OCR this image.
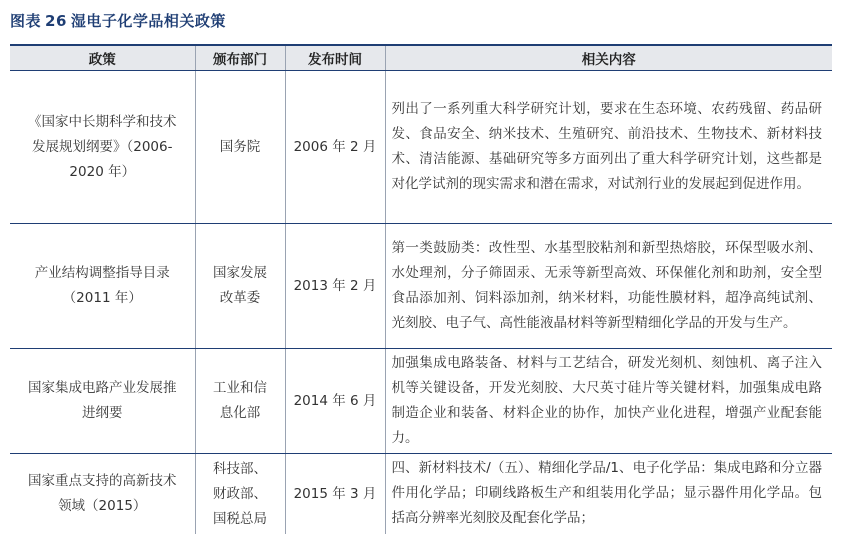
图表 26 湿电子化学品相关政策
政策	颁布部门	发布时间	相关内容
《国家中长期科学和技术发展规划纲要》（2006-2020 年）	国务院	2006 年 2 月	列出了一系列重大科学研究计划，要求在生态环境、农药残留、药品研发、食品安全、纳米技术、生殖研究、前沿技术、生物技术、新材料技术、清洁能源、基础研究等多方面列出了重大科学研究计划，这些都是对化学试剂的现实需求和潜在需求，对试剂行业的发展起到促进作用。
产业结构调整指导目录（2011 年）	国家发展改革委	2013 年 2 月	第一类鼓励类：改性型、水基型胶粘剂和新型热熔胶，环保型吸水剂、水处理剂，分子筛固汞、无汞等新型高效、环保催化剂和助剂，安全型食品添加剂、饲料添加剂，纳米材料，功能性膜材料，超净高纯试剂、光刻胶、电子气、高性能液晶材料等新型精细化学品的开发与生产。
国家集成电路产业发展推进纲要	工业和信息化部	2014 年 6 月	加强集成电路装备、材料与工艺结合，研发光刻机、刻蚀机、离子注入机等关键设备，开发光刻胶、大尺英寸硅片等关键材料，加强集成电路制造企业和装备、材料企业的协作，加快产业化进程，增强产业配套能力。
国家重点支持的高新技术领域（2015）	科技部、财政部、国税总局	2015 年 3 月	四、新材料技术/（五）、精细化学品/1、电子化学品：集成电路和分立器件用化学品；印刷线路板生产和组装用化学品；显示器件用化学品。包括高分辨率光刻胶及配套化学品；
